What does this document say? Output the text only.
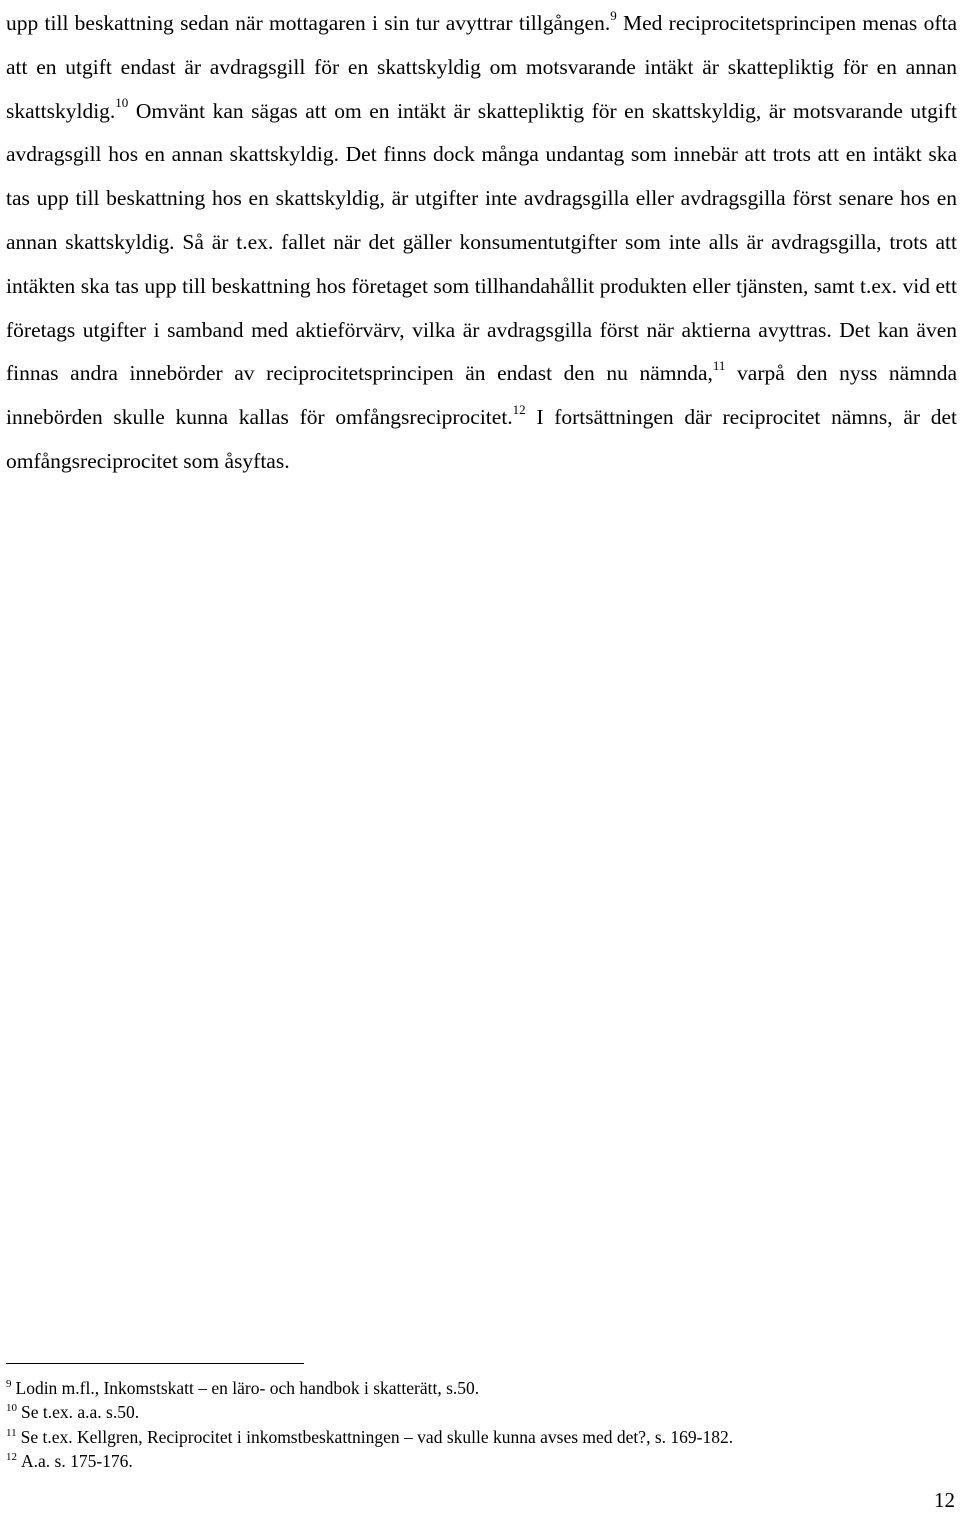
upp till beskattning sedan när mottagaren i sin tur avyttrar tillgången.$^9$ Med reciprocitetsprincipen menas ofta att en utgift endast är avdragsgill för en skattskyldig om motsvarande intäkt är skattepliktig för en annan skattskyldig.$^{10}$ Omvänt kan sägas att om en intäkt är skattepliktig för en skattskyldig, är motsvarande utgift avdragsgill hos en annan skattskyldig. Det finns dock många undantag som innebär att trots att en intäkt ska tas upp till beskattning hos en skattskyldig, är utgifter inte avdragsgilla eller avdragsgilla först senare hos en annan skattskyldig. Så är t.ex. fallet när det gäller konsumentutgifter som inte alls är avdragsgilla, trots att intäkten ska tas upp till beskattning hos företaget som tillhandahållit produkten eller tjänsten, samt t.ex. vid ett företags utgifter i samband med aktieförvärv, vilka är avdragsgilla först när aktierna avyttras. Det kan även finnas andra innebörder av reciprocitetsprincipen än endast den nu nämnda,$^{11}$ varpå den nyss nämnda innebörden skulle kunna kallas för omfångsreciprocitet.$^{12}$ I fortsättningen där reciprocitet nämns, är det omfångsreciprocitet som åsyftas.

$^9$ Lodin m.fl., Inkomstskatt – en läro- och handbok i skatterätt, s.50.
$^{10}$ Se t.ex. a.a. s.50.
$^{11}$ Se t.ex. Kellgren, Reciprocitet i inkomstbeskattningen – vad skulle kunna avses med det?, s. 169-182.
$^{12}$ A.a. s. 175-176.
12
